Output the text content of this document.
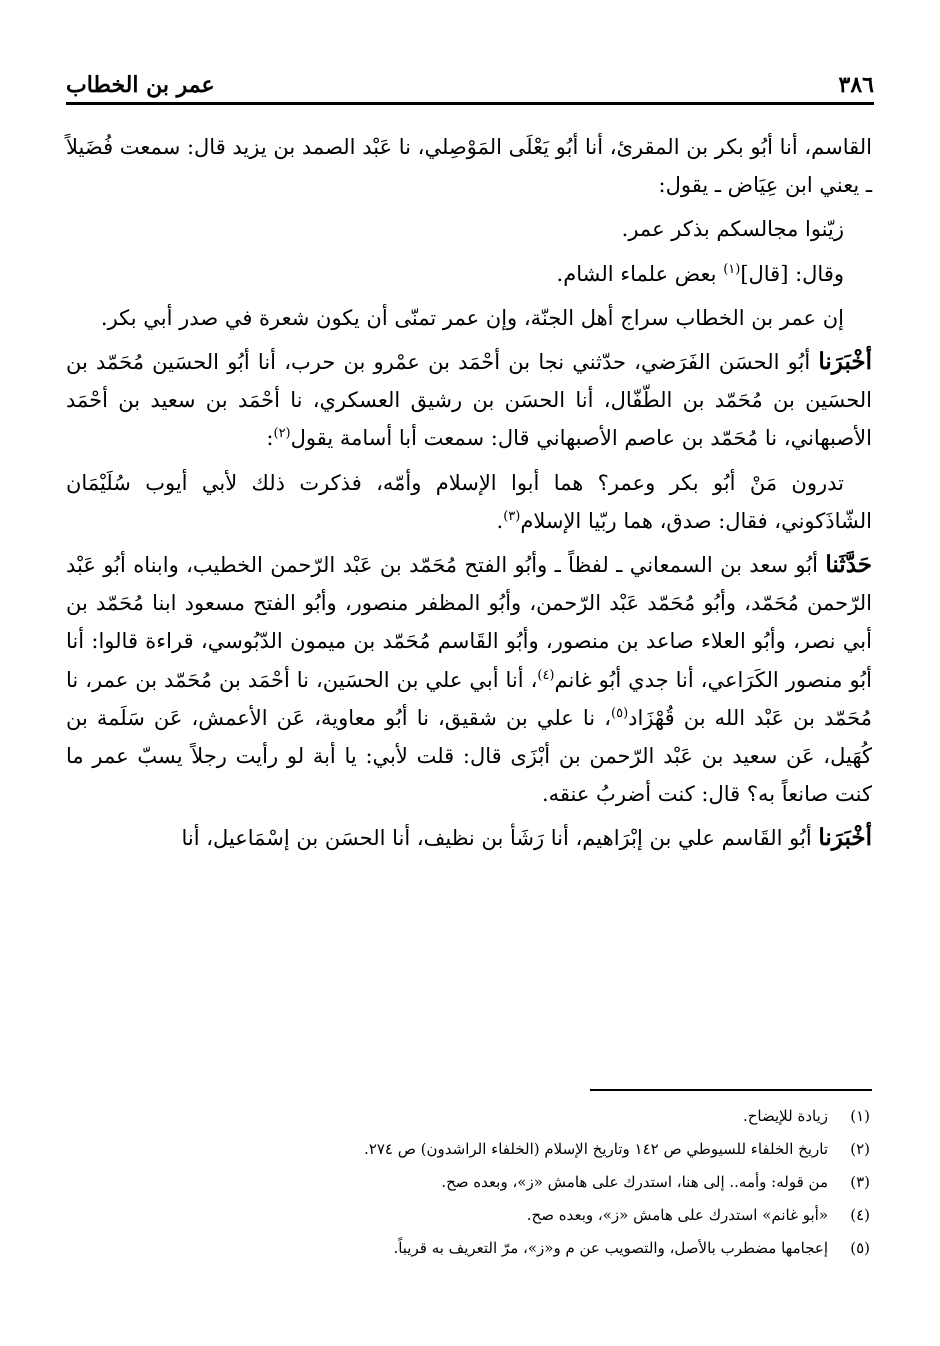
٣٨٦
عمر بن الخطاب

القاسم، أنا أبُو بكر بن المقرئ، أنا أبُو يَعْلَى المَوْصِلي، نا عَبْد الصمد بن يزيد قال: سمعت فُضَيلاً ـ يعني ابن عِيَاض ـ يقول:

زيّنوا مجالسكم بذكر عمر.

وقال: [قال]$^{(١)}$ بعض علماء الشام.

إن عمر بن الخطاب سراج أهل الجنّة، وإن عمر تمنّى أن يكون شعرة في صدر أبي بكر.

أخْبَرَنا أبُو الحسَن الفَرَضي، حدّثني نجا بن أحْمَد بن عمْرو بن حرب، أنا أبُو الحسَين مُحَمّد بن الحسَين بن مُحَمّد بن الطّفّال، أنا الحسَن بن رشيق العسكري، نا أحْمَد بن سعيد بن أحْمَد الأصبهاني، نا مُحَمّد بن عاصم الأصبهاني قال: سمعت أبا أسامة يقول$^{(٢)}$:

تدرون مَنْ أبُو بكر وعمر؟ هما أبوا الإسلام وأمّه، فذكرت ذلك لأبي أيوب سُلَيْمَان الشّاذَكوني، فقال: صدق، هما ربّيا الإسلام$^{(٣)}$.

حَدَّثَنا أبُو سعد بن السمعاني ـ لفظاً ـ وأبُو الفتح مُحَمّد بن عَبْد الرّحمن الخطيب، وابناه أبُو عَبْد الرّحمن مُحَمّد، وأبُو مُحَمّد عَبْد الرّحمن، وأبُو المظفر منصور، وأبُو الفتح مسعود ابنا مُحَمّد بن أبي نصر، وأبُو العلاء صاعد بن منصور، وأبُو القَاسم مُحَمّد بن ميمون الدّبُوسي، قراءة قالوا: أنا أبُو منصور الكَرَاعي، أنا جدي أبُو غانم$^{(٤)}$، أنا أبي علي بن الحسَين، نا أحْمَد بن مُحَمّد بن عمر، نا مُحَمّد بن عَبْد الله بن قُهْزَاد$^{(٥)}$، نا علي بن شقيق، نا أبُو معاوية، عَن الأعمش، عَن سَلَمة بن كُهَيل، عَن سعيد بن عَبْد الرّحمن بن أبْزَى قال: قلت لأبي: يا أبة لو رأيت رجلاً يسبّ عمر ما كنت صانعاً به؟ قال: كنت أضربُ عنقه.

أخْبَرَنا أبُو القَاسم علي بن إبْرَاهيم، أنا رَشَأ بن نظيف، أنا الحسَن بن إسْمَاعيل، أنا

(١)
زيادة للإيضاح.
(٢)
تاريخ الخلفاء للسيوطي ص ١٤٢ وتاريخ الإسلام (الخلفاء الراشدون) ص ٢٧٤.
(٣)
من قوله: وأمه.. إلى هنا، استدرك على هامش «ز»، وبعده صح.
(٤)
«أبو غانم» استدرك على هامش «ز»، وبعده صح.
(٥)
إعجامها مضطرب بالأصل، والتصويب عن م و«ز»، مرّ التعريف به قريباً.
